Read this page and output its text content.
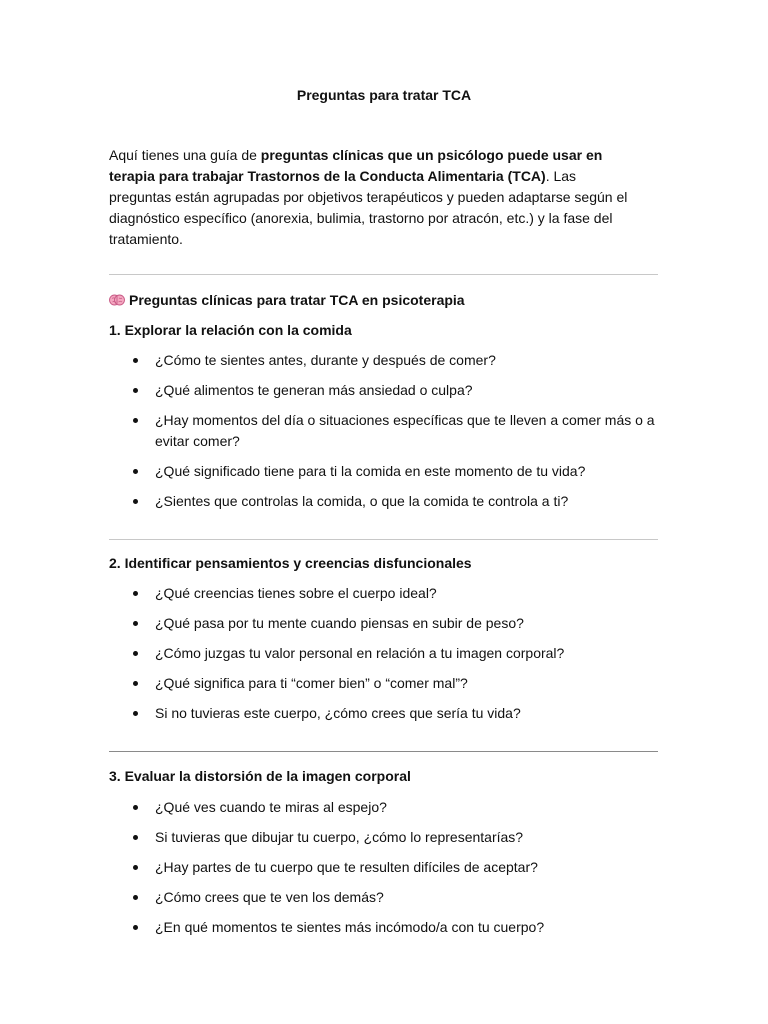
Preguntas para tratar TCA
Aquí tienes una guía de preguntas clínicas que un psicólogo puede usar en terapia para trabajar Trastornos de la Conducta Alimentaria (TCA). Las preguntas están agrupadas por objetivos terapéuticos y pueden adaptarse según el diagnóstico específico (anorexia, bulimia, trastorno por atracón, etc.) y la fase del tratamiento.
Preguntas clínicas para tratar TCA en psicoterapia
1. Explorar la relación con la comida
¿Cómo te sientes antes, durante y después de comer?
¿Qué alimentos te generan más ansiedad o culpa?
¿Hay momentos del día o situaciones específicas que te lleven a comer más o a evitar comer?
¿Qué significado tiene para ti la comida en este momento de tu vida?
¿Sientes que controlas la comida, o que la comida te controla a ti?
2. Identificar pensamientos y creencias disfuncionales
¿Qué creencias tienes sobre el cuerpo ideal?
¿Qué pasa por tu mente cuando piensas en subir de peso?
¿Cómo juzgas tu valor personal en relación a tu imagen corporal?
¿Qué significa para ti “comer bien” o “comer mal”?
Si no tuvieras este cuerpo, ¿cómo crees que sería tu vida?
3. Evaluar la distorsión de la imagen corporal
¿Qué ves cuando te miras al espejo?
Si tuvieras que dibujar tu cuerpo, ¿cómo lo representarías?
¿Hay partes de tu cuerpo que te resulten difíciles de aceptar?
¿Cómo crees que te ven los demás?
¿En qué momentos te sientes más incómodo/a con tu cuerpo?
